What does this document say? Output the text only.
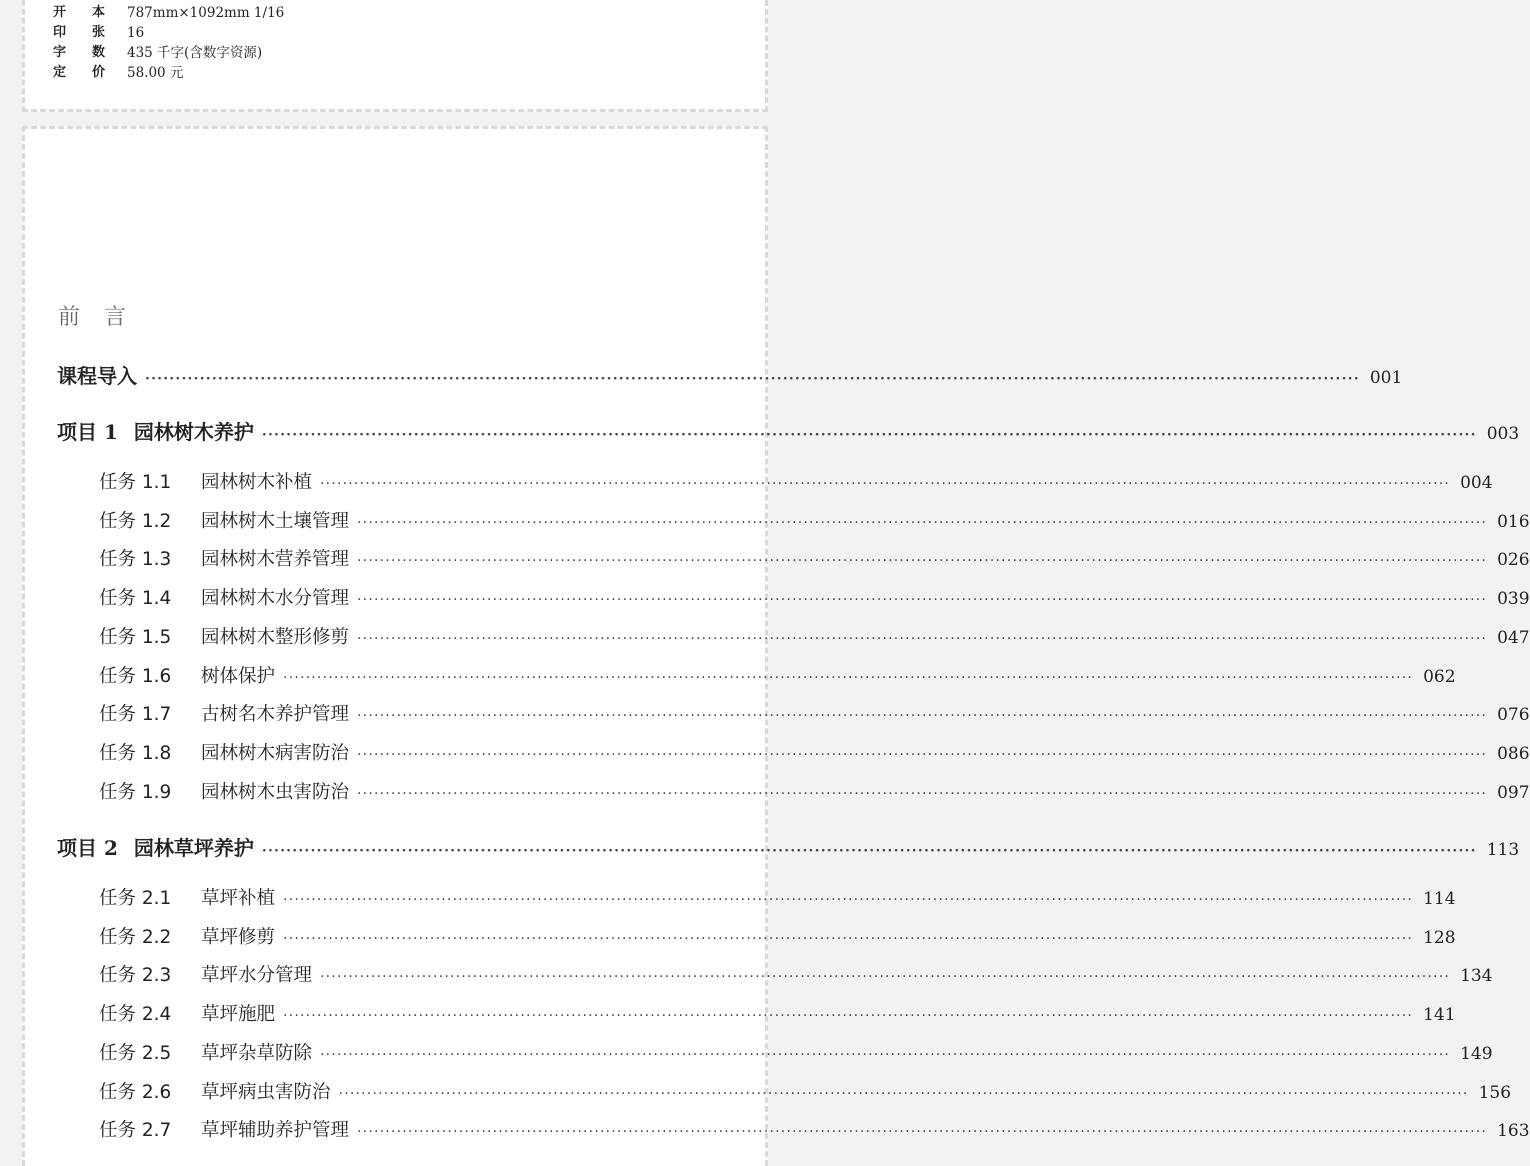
开 本 787mm×1092mm 1/16
印 张 16
字 数 435 千字(含数字资源)
定 价 58.00 元
前言
课程导入 ········································································································································································································ 001
项目 1 园林树木养护 ········································································································································································································ 003
任务 1.1	园林树木补植 ········································································································································································································ 004
任务 1.2	园林树木土壤管理 ········································································································································································································ 016
任务 1.3	园林树木营养管理 ········································································································································································································ 026
任务 1.4	园林树木水分管理 ········································································································································································································ 039
任务 1.5	园林树木整形修剪 ········································································································································································································ 047
任务 1.6	树体保护 ········································································································································································································ 062
任务 1.7	古树名木养护管理 ········································································································································································································ 076
任务 1.8	园林树木病害防治 ········································································································································································································ 086
任务 1.9	园林树木虫害防治 ········································································································································································································ 097
项目 2 园林草坪养护 ········································································································································································································ 113
任务 2.1	草坪补植 ········································································································································································································ 114
任务 2.2	草坪修剪 ········································································································································································································ 128
任务 2.3	草坪水分管理 ········································································································································································································ 134
任务 2.4	草坪施肥 ········································································································································································································ 141
任务 2.5	草坪杂草防除 ········································································································································································································ 149
任务 2.6	草坪病虫害防治 ········································································································································································································ 156
任务 2.7	草坪辅助养护管理 ········································································································································································································ 163
